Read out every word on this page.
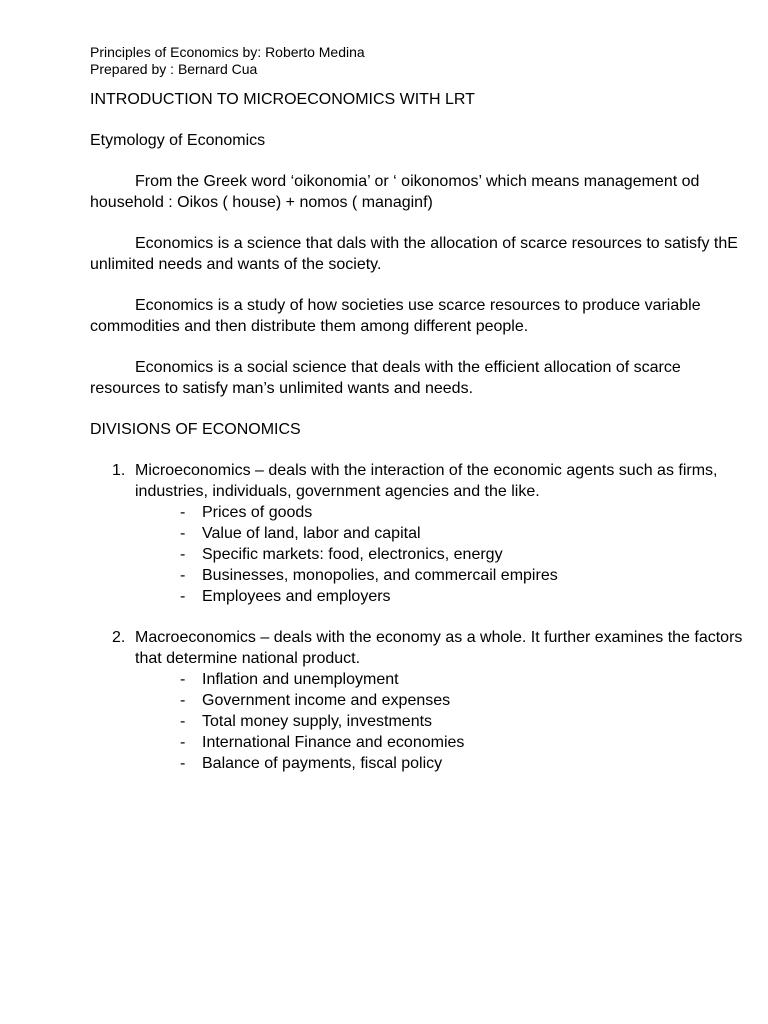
Principles of Economics by: Roberto Medina

Prepared by : Bernard Cua

INTRODUCTION TO MICROECONOMICS WITH LRT

Etymology of Economics

From the Greek word ‘oikonomia’ or ‘ oikonomos’ which means management od household : Oikos ( house) + nomos ( managinf)

Economics is a science that dals with the allocation of scarce resources to satisfy thE unlimited needs and wants of the society.

Economics is a study of how societies use scarce resources to produce variable commodities and then distribute them among different people.

Economics is a social science that deals with the efficient allocation of scarce resources to satisfy man’s unlimited wants and needs.

DIVISIONS OF ECONOMICS

1. Microeconomics – deals with the interaction of the economic agents such as firms, industries, individuals, government agencies and the like.
- Prices of goods
- Value of land, labor and capital
- Specific markets: food, electronics, energy
- Businesses, monopolies, and commercail empires
- Employees and employers
2. Macroeconomics – deals with the economy as a whole. It further examines the factors that determine national product.
- Inflation and unemployment
- Government income and expenses
- Total money supply, investments
- International Finance and economies
- Balance of payments, fiscal policy
